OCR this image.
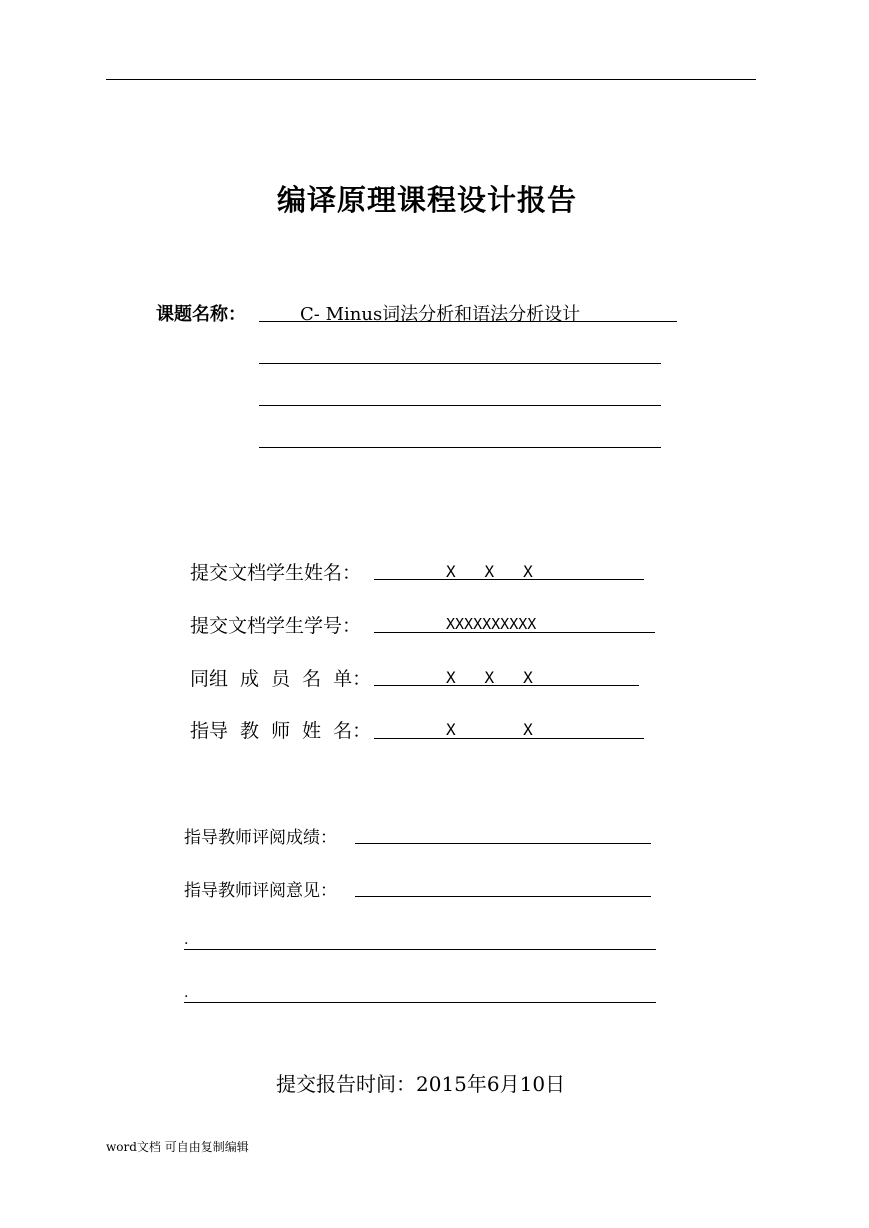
编译原理课程设计报告
课题名称：	C- Minus词法分析和语法分析设计
提交文档学生姓名：	X   X   X
提交文档学生学号：	XXXXXXXXXX
同组 成 员 名 单：	X   X   X
指导 教 师 姓 名：	X       X
指导教师评阅成绩：
指导教师评阅意见：
.
.
提交报告时间：2015年6月10日
word文档 可自由复制编辑
